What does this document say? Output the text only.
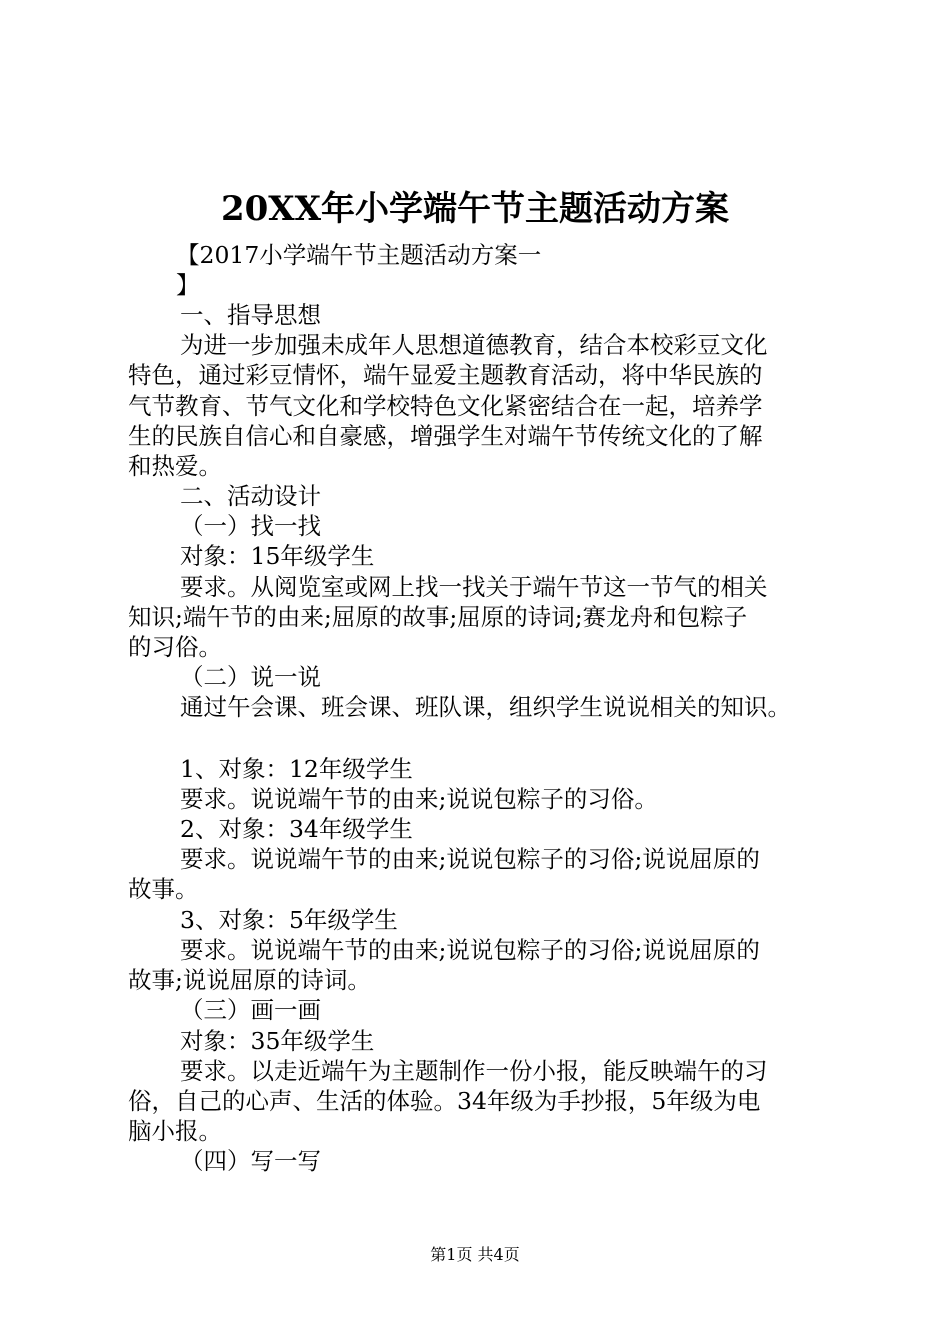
20XX年小学端午节主题活动方案
【2017小学端午节主题活动方案一
】
一、指导思想
为进一步加强未成年人思想道德教育，结合本校彩豆文化
特色，通过彩豆情怀，端午显爱主题教育活动，将中华民族的
气节教育、节气文化和学校特色文化紧密结合在一起，培养学
生的民族自信心和自豪感，增强学生对端午节传统文化的了解
和热爱。
二、活动设计
（一）找一找
对象：15年级学生
要求。从阅览室或网上找一找关于端午节这一节气的相关
知识;端午节的由来;屈原的故事;屈原的诗词;赛龙舟和包粽子
的习俗。
（二）说一说
通过午会课、班会课、班队课，组织学生说说相关的知识。
1、对象：12年级学生
要求。说说端午节的由来;说说包粽子的习俗。
2、对象：34年级学生
要求。说说端午节的由来;说说包粽子的习俗;说说屈原的
故事。
3、对象：5年级学生
要求。说说端午节的由来;说说包粽子的习俗;说说屈原的
故事;说说屈原的诗词。
（三）画一画
对象：35年级学生
要求。以走近端午为主题制作一份小报，能反映端午的习
俗，自己的心声、生活的体验。34年级为手抄报，5年级为电
脑小报。
（四）写一写
第1页 共4页
